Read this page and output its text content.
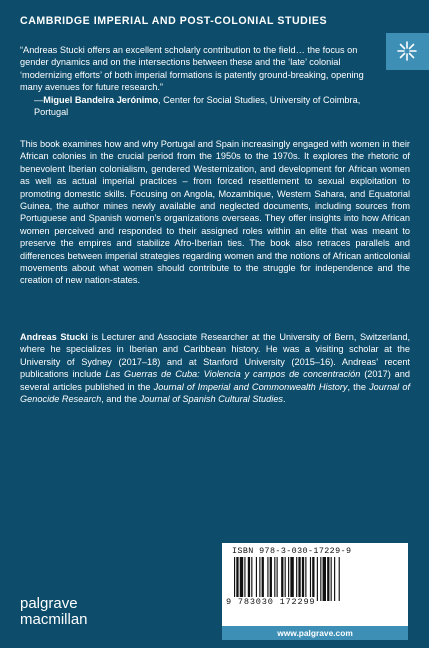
CAMBRIDGE IMPERIAL AND POST-COLONIAL STUDIES

“Andreas Stucki offers an excellent scholarly contribution to the field… the focus on gender dynamics and on the intersections between these and the ‘late’ colonial ‘modernizing efforts’ of both imperial formations is patently ground-breaking, opening many avenues for future research.”

—Miguel Bandeira Jerónimo, Center for Social Studies, University of Coimbra, Portugal

This book examines how and why Portugal and Spain increasingly engaged with women in their African colonies in the crucial period from the 1950s to the 1970s. It explores the rhetoric of benevolent Iberian colonialism, gendered Westernization, and development for African women as well as actual imperial practices – from forced resettlement to sexual exploitation to promoting domestic skills. Focusing on Angola, Mozambique, Western Sahara, and Equatorial Guinea, the author mines newly available and neglected documents, including sources from Portuguese and Spanish women’s organizations overseas. They offer insights into how African women perceived and responded to their assigned roles within an elite that was meant to preserve the empires and stabilize Afro-Iberian ties. The book also retraces parallels and differences between imperial strategies regarding women and the notions of African anticolonial movements about what women should contribute to the struggle for independence and the creation of new nation-states.

Andreas Stucki is Lecturer and Associate Researcher at the University of Bern, Switzerland, where he specializes in Iberian and Caribbean history. He was a visiting scholar at the University of Sydney (2017–18) and at Stanford University (2015–16). Andreas’ recent publications include Las Guerras de Cuba: Violencia y campos de concentración (2017) and several articles published in the Journal of Imperial and Commonwealth History, the Journal of Genocide Research, and the Journal of Spanish Cultural Studies.

ISBN 978-3-030-17229-9
9 783030 172299
www.palgrave.com
palgrave
macmillan
